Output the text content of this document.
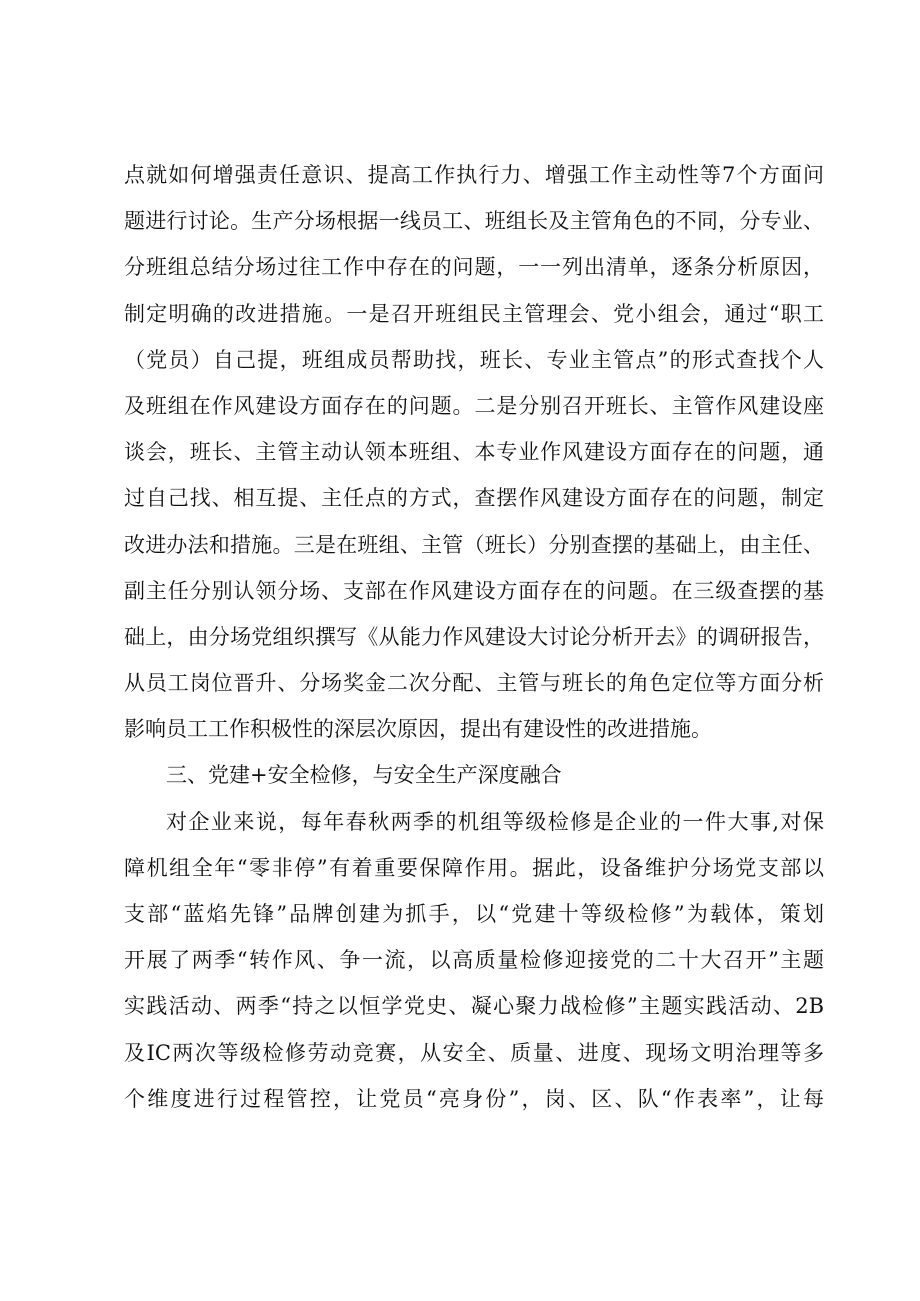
点就如何增强责任意识、提高工作执行力、增强工作主动性等7个方面问
题进行讨论。生产分场根据一线员工、班组长及主管角色的不同，分专业、
分班组总结分场过往工作中存在的问题，一一列出清单，逐条分析原因，
制定明确的改进措施。一是召开班组民主管理会、党小组会，通过“职工
（党员）自己提，班组成员帮助找，班长、专业主管点”的形式查找个人
及班组在作风建设方面存在的问题。二是分别召开班长、主管作风建设座
谈会，班长、主管主动认领本班组、本专业作风建设方面存在的问题，通
过自己找、相互提、主任点的方式，查摆作风建设方面存在的问题，制定
改进办法和措施。三是在班组、主管（班长）分别查摆的基础上，由主任、
副主任分别认领分场、支部在作风建设方面存在的问题。在三级查摆的基
础上，由分场党组织撰写《从能力作风建设大讨论分析开去》的调研报告，
从员工岗位晋升、分场奖金二次分配、主管与班长的角色定位等方面分析
影响员工工作积极性的深层次原因，提出有建设性的改进措施。
三、党建+安全检修，与安全生产深度融合
对企业来说，每年春秋两季的机组等级检修是企业的一件大事,对保
障机组全年“零非停”有着重要保障作用。据此，设备维护分场党支部以
支部“蓝焰先锋”品牌创建为抓手，以“党建十等级检修”为载体，策划
开展了两季“转作风、争一流，以高质量检修迎接党的二十大召开”主题
实践活动、两季“持之以恒学党史、凝心聚力战检修”主题实践活动、2B
及IC两次等级检修劳动竞赛，从安全、质量、进度、现场文明治理等多
个维度进行过程管控，让党员“亮身份”，岗、区、队“作表率”，让每
